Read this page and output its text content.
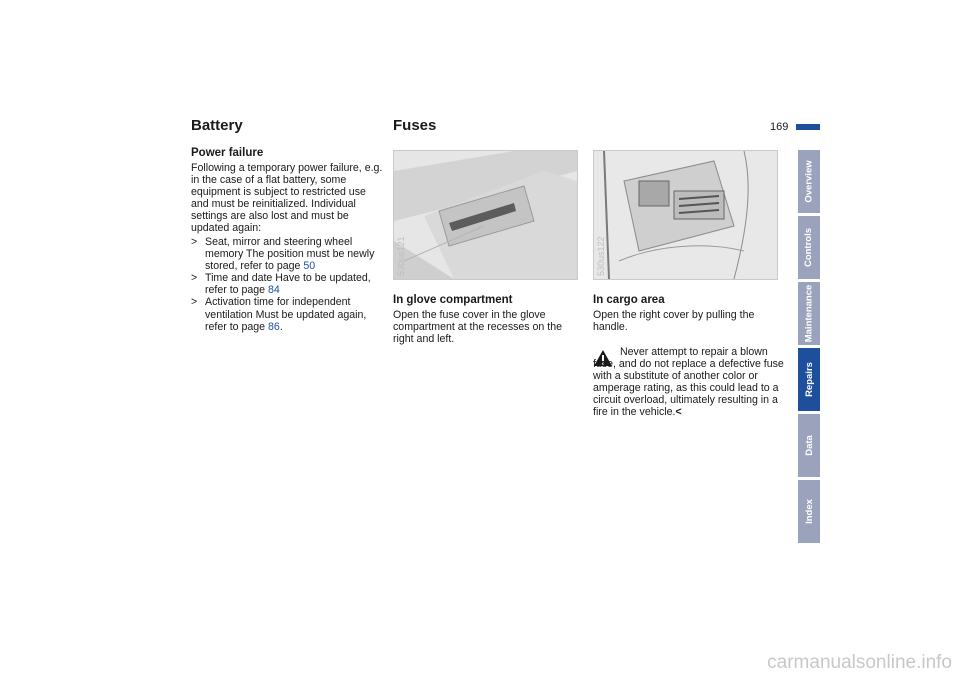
169
Battery
Power failure
Following a temporary power failure, e.g. in the case of a flat battery, some equipment is subject to restricted use and must be reinitialized. Individual settings are also lost and must be updated again:
> Seat, mirror and steering wheel memory The position must be newly stored, refer to page 50
> Time and date Have to be updated, refer to page 84
> Activation time for independent ventilation Must be updated again, refer to page 86.
Fuses
530us121
In glove compartment
Open the fuse cover in the glove compartment at the recesses on the right and left.
530us122
In cargo area
Open the right cover by pulling the handle.
Never attempt to repair a blown fuse, and do not replace a defective fuse with a substitute of another color or amperage rating, as this could lead to a circuit overload, ultimately resulting in a fire in the vehicle.<
Overview
Controls
Maintenance
Repairs
Data
Index
carmanualsonline.info
